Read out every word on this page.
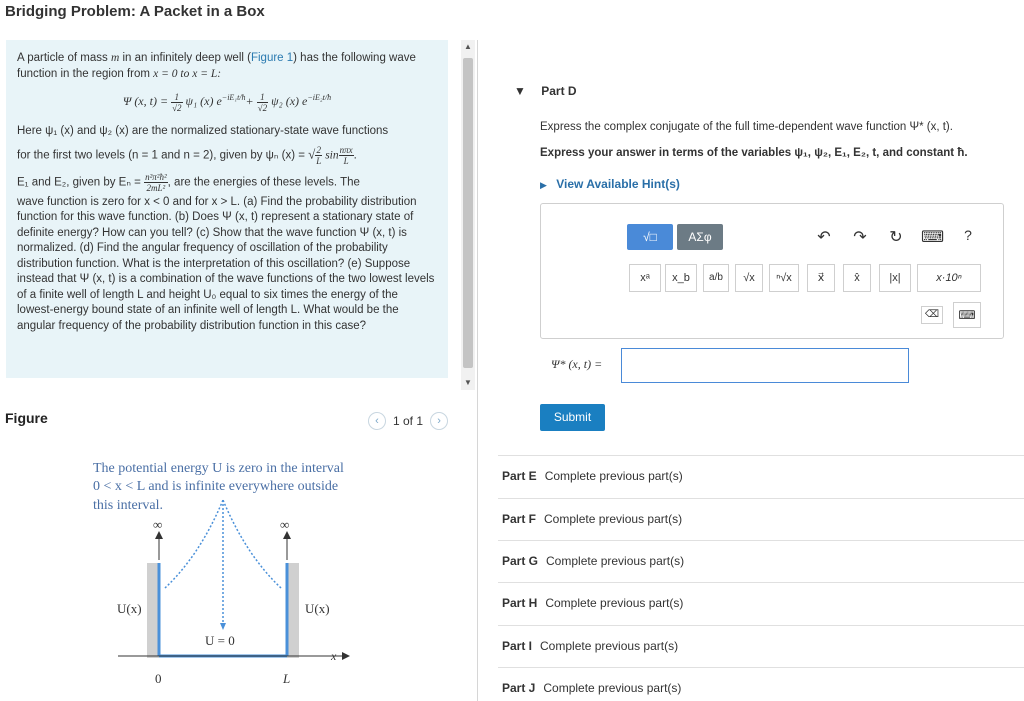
Bridging Problem: A Packet in a Box

A particle of mass m in an infinitely deep well (Figure 1) has the following wave function in the region from x = 0 to x = L:

Ψ (x, $t) = \frac{1}{√2} \psi_1$ (x) $e^{-iE_1t/ħ}+ \frac{1}{√2} \psi_2$ (x) $e^{-iE_2t/ħ}$

Here ψ₁ (x) and ψ₂ (x) are the normalized stationary-state wave functions

for the first two levels (n = 1 and n = 2), given by ψₙ (x) = √ $\frac{2}{L}$ $\sin \frac{\text{nπx}}{L}$ .

E₁ and E₂, given by $E_n = \frac{\text{n²π²ħ²}}{\text{2mL²}}$ , are the energies of these levels. The

wave function is zero for x < 0 and for x > L. (a) Find the probability distribution function for this wave function. (b) Does Ψ (x, t) represent a stationary state of definite energy? How can you tell? (c) Show that the wave function Ψ (x, t) is normalized. (d) Find the angular frequency of oscillation of the probability distribution function. What is the interpretation of this oscillation? (e) Suppose instead that Ψ (x, t) is a combination of the wave functions of the two lowest levels of a finite well of length L and height U₀ equal to six times the energy of the lowest-energy bound state of an infinite well of length L. What would be the angular frequency of the probability distribution function in this case?

▲
▼
Figure	‹	1 of 1	›
The potential energy U is zero in the interval
0 < x < L and is infinite everywhere outside
this interval.
∞	∞
U(x)	U(x)
U = 0
x
0	L
▼ Part D
Express the complex conjugate of the full time-dependent wave function Ψ* (x, t).
Express your answer in terms of the variables ψ₁, ψ₂, E₁, E₂, t, and constant ħ.
▶ View Available Hint(s)
√□	ΑΣφ	↶ ↷ ↻ ⌨	?
xᵃ	x_b	a/b	√x	ⁿ√x	x⃗	x̂	|x|	x·10ⁿ
⌫	⌨
Ψ* (x, t) =
Submit
Part E Complete previous part(s)
Part F Complete previous part(s)
Part G Complete previous part(s)
Part H Complete previous part(s)
Part I Complete previous part(s)
Part J Complete previous part(s)
